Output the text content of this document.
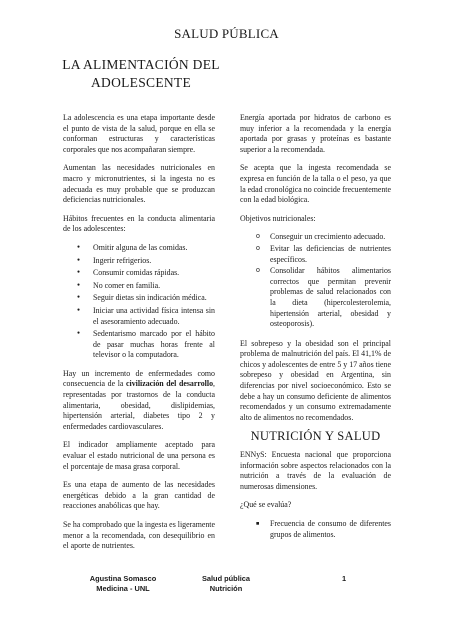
SALUD PÚBLICA
LA ALIMENTACIÓN DEL
ADOLESCENTE

La adolescencia es una etapa importante desde el punto de vista de la salud, porque en ella se conforman estructuras y características corporales que nos acompañaran siempre.

Aumentan las necesidades nutricionales en macro y micronutrientes, si la ingesta no es adecuada es muy probable que se produzcan deficiencias nutricionales.

Hábitos frecuentes en la conducta alimentaria de los adolescentes:

● Omitir alguna de las comidas.
● Ingerir refrigerios.
● Consumir comidas rápidas.
● No comer en familia.
● Seguir dietas sin indicación médica.
● Iniciar una actividad física intensa sin el asesoramiento adecuado.
● Sedentarismo marcado por el hábito de pasar muchas horas frente al televisor o la computadora.

Hay un incremento de enfermedades como consecuencia de la civilización del desarrollo, representadas por trastornos de la conducta alimentaria, obesidad, dislipidemias, hipertensión arterial, diabetes tipo 2 y enfermedades cardiovasculares.

El indicador ampliamente aceptado para evaluar el estado nutricional de una persona es el porcentaje de masa grasa corporal.

Es una etapa de aumento de las necesidades energéticas debido a la gran cantidad de reacciones anabólicas que hay.

Se ha comprobado que la ingesta es ligeramente menor a la recomendada, con desequilibrio en el aporte de nutrientes.

Energía aportada por hidratos de carbono es muy inferior a la recomendada y la energía aportada por grasas y proteínas es bastante superior a la recomendada.

Se acepta que la ingesta recomendada se expresa en función de la talla o el peso, ya que la edad cronológica no coincide frecuentemente con la edad biológica.

Objetivos nutricionales:

o Conseguir un crecimiento adecuado.
o Evitar las deficiencias de nutrientes específicos.
o Consolidar hábitos alimentarios correctos que permitan prevenir problemas de salud relacionados con la dieta (hipercolesterolemia, hipertensión arterial, obesidad y osteoporosis).

El sobrepeso y la obesidad son el principal problema de malnutrición del país. El 41,1% de chicos y adolescentes de entre 5 y 17 años tiene sobrepeso y obesidad en Argentina, sin diferencias por nivel socioeconómico. Esto se debe a hay un consumo deficiente de alimentos recomendados y un consumo extremadamente alto de alimentos no recomendados.

NUTRICIÓN Y SALUD

ENNyS: Encuesta nacional que proporciona información sobre aspectos relacionados con la nutrición a través de la evaluación de numerosas dimensiones.

¿Qué se evalúa?

■ Frecuencia de consumo de diferentes grupos de alimentos.
Agustina Somasco
Medicina - UNL
Salud pública
Nutrición
1
